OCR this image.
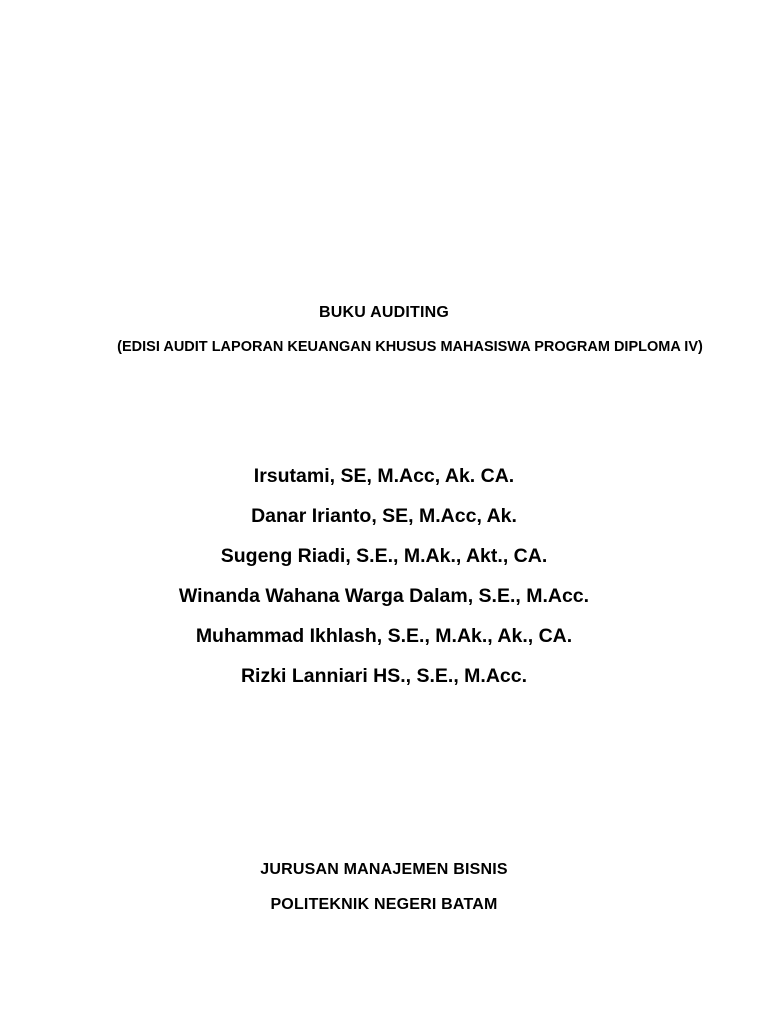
BUKU AUDITING
(EDISI AUDIT LAPORAN KEUANGAN KHUSUS MAHASISWA PROGRAM DIPLOMA IV)
Irsutami, SE, M.Acc, Ak. CA.
Danar Irianto, SE, M.Acc, Ak.
Sugeng Riadi, S.E., M.Ak., Akt., CA.
Winanda Wahana Warga Dalam, S.E., M.Acc.
Muhammad Ikhlash, S.E., M.Ak., Ak., CA.
Rizki Lanniari HS., S.E., M.Acc.
JURUSAN MANAJEMEN BISNIS
POLITEKNIK NEGERI BATAM
